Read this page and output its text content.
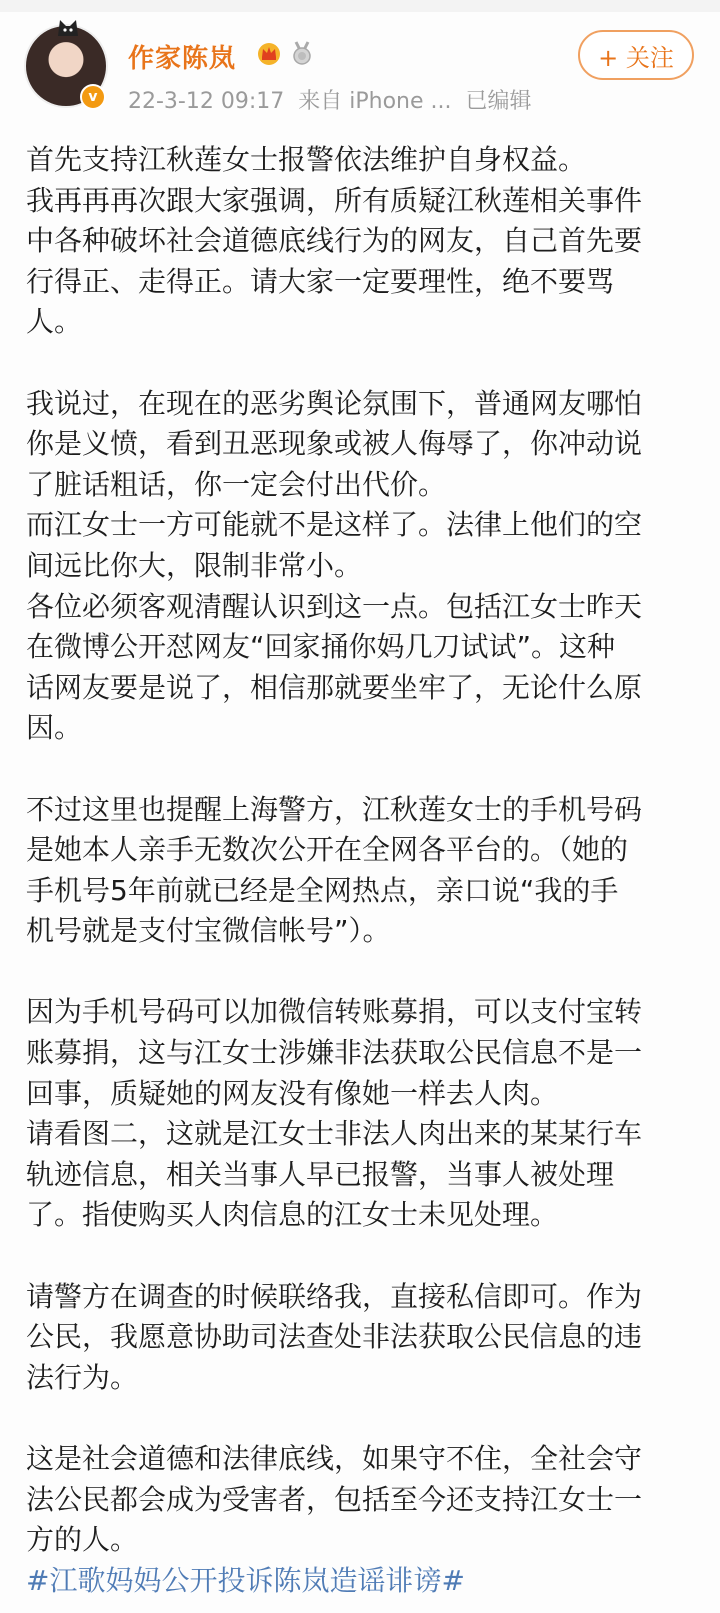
v
作家陈岚
22-3-12 09:17 来自 iPhone ... 已编辑
+ 关注
首先支持江秋莲女士报警依法维护自身权益。
我再再再次跟大家强调，所有质疑江秋莲相关事件
中各种破坏社会道德底线行为的网友，自己首先要
行得正、走得正。请大家一定要理性，绝不要骂
人。

我说过，在现在的恶劣舆论氛围下，普通网友哪怕
你是义愤，看到丑恶现象或被人侮辱了，你冲动说
了脏话粗话，你一定会付出代价。
而江女士一方可能就不是这样了。法律上他们的空
间远比你大，限制非常小。
各位必须客观清醒认识到这一点。包括江女士昨天
在微博公开怼网友“回家捅你妈几刀试试”。这种
话网友要是说了，相信那就要坐牢了，无论什么原
因。

不过这里也提醒上海警方，江秋莲女士的手机号码
是她本人亲手无数次公开在全网各平台的。（她的
手机号5年前就已经是全网热点，亲口说“我的手
机号就是支付宝微信帐号”）。

因为手机号码可以加微信转账募捐，可以支付宝转
账募捐，这与江女士涉嫌非法获取公民信息不是一
回事，质疑她的网友没有像她一样去人肉。
请看图二，这就是江女士非法人肉出来的某某行车
轨迹信息，相关当事人早已报警，当事人被处理
了。指使购买人肉信息的江女士未见处理。

请警方在调查的时候联络我，直接私信即可。作为
公民，我愿意协助司法查处非法获取公民信息的违
法行为。

这是社会道德和法律底线，如果守不住，全社会守
法公民都会成为受害者，包括至今还支持江女士一
方的人。
#江歌妈妈公开投诉陈岚造谣诽谤#
